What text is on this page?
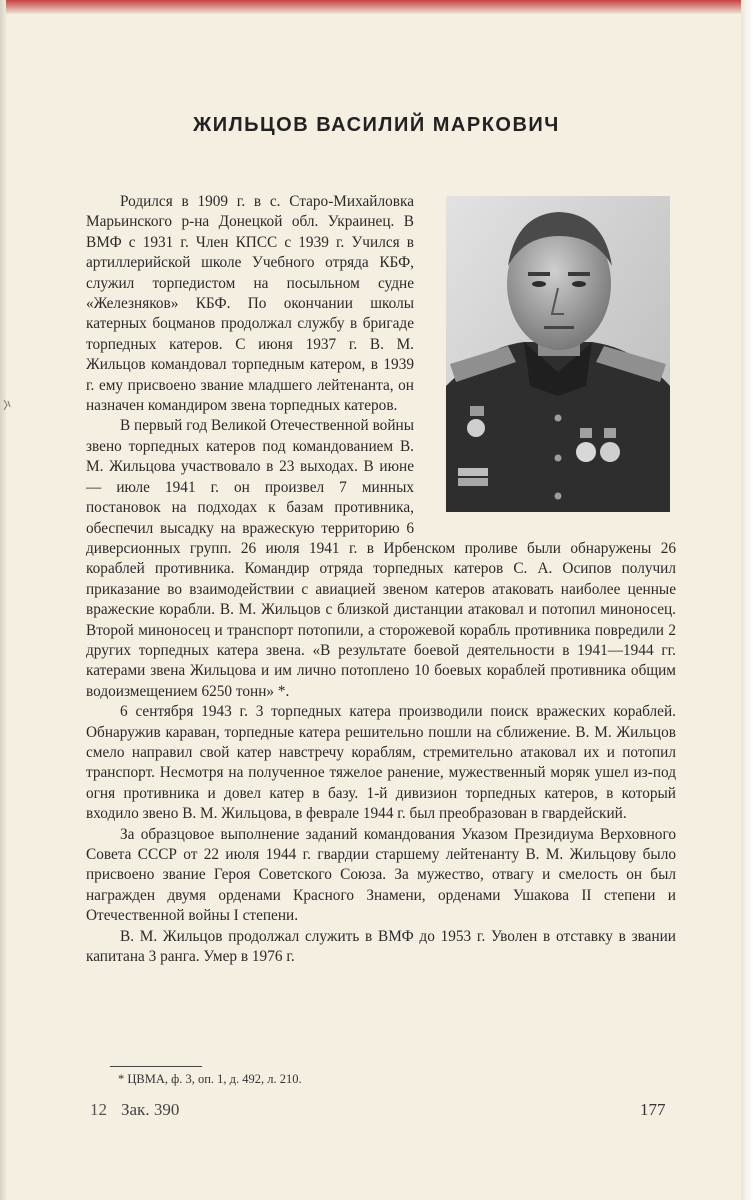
ЖИЛЬЦОВ ВАСИЛИЙ МАРКОВИЧ

Родился в 1909 г. в с. Старо-Михайловка Марьинского р-на Донецкой обл. Украинец. В ВМФ с 1931 г. Член КПСС с 1939 г. Учился в артиллерийской школе Учебного отряда КБФ, служил торпедистом на посыльном судне «Железняков» КБФ. По окончании школы катерных боцманов продолжал службу в бригаде торпедных катеров. С июня 1937 г. В. М. Жильцов командовал торпедным катером, в 1939 г. ему присвоено звание младшего лейтенанта, он назначен командиром звена торпедных катеров.

В первый год Великой Отечественной войны звено торпедных катеров под командованием В. М. Жильцова участвовало в 23 выходах. В июне — июле 1941 г. он произвел 7 минных постановок на подходах к базам противника, обеспечил высадку на вражескую территорию 6 диверсионных групп. 26 июля 1941 г. в Ирбенском проливе были обнаружены 26 кораблей противника. Командир отряда торпедных катеров С. А. Осипов получил приказание во взаимодействии с авиацией звеном катеров атаковать наиболее ценные вражеские корабли. В. М. Жильцов с близкой дистанции атаковал и потопил миноносец. Второй миноносец и транспорт потопили, а сторожевой корабль противника повредили 2 других торпедных катера звена. «В результате боевой деятельности в 1941—1944 гг. катерами звена Жильцова и им лично потоплено 10 боевых кораблей противника общим водоизмещением 6250 тонн» *.

6 сентября 1943 г. 3 торпедных катера производили поиск вражеских кораблей. Обнаружив караван, торпедные катера решительно пошли на сближение. В. М. Жильцов смело направил свой катер навстречу кораблям, стремительно атаковал их и потопил транспорт. Несмотря на полученное тяжелое ранение, мужественный моряк ушел из-под огня противника и довел катер в базу. 1-й дивизион торпедных катеров, в который входило звено В. М. Жильцова, в феврале 1944 г. был преобразован в гвардейский.

За образцовое выполнение заданий командования Указом Президиума Верховного Совета СССР от 22 июля 1944 г. гвардии старшему лейтенанту В. М. Жильцову было присвоено звание Героя Советского Союза. За мужество, отвагу и смелость он был награжден двумя орденами Красного Знамени, орденами Ушакова II степени и Отечественной войны I степени.

В. М. Жильцов продолжал служить в ВМФ до 1953 г. Уволен в отставку в звании капитана 3 ранга. Умер в 1976 г.

* ЦВМА, ф. 3, оп. 1, д. 492, л. 210.
12 Зак. 390	177
